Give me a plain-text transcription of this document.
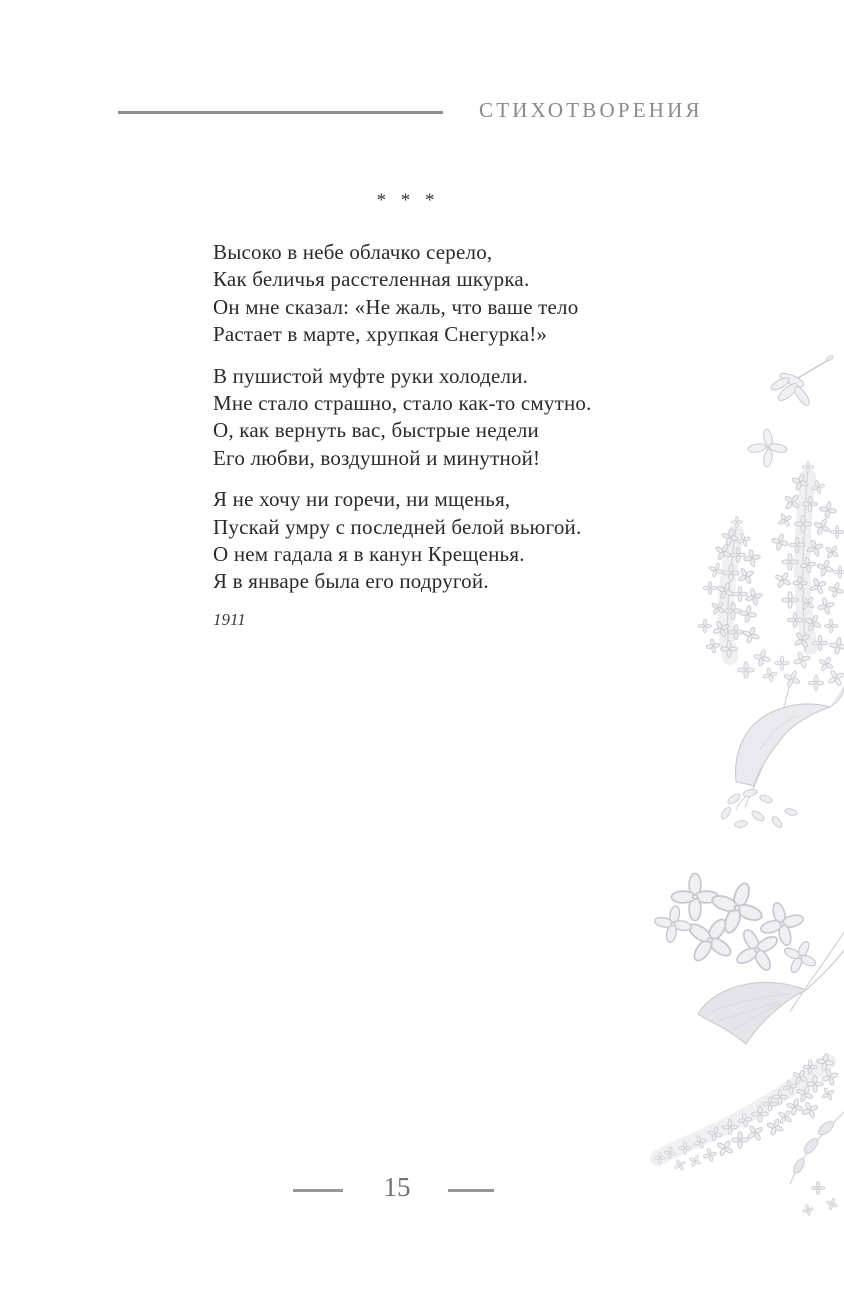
СТИХОТВОРЕНИЯ
* * *
Высоко в небе облачко серело,
Как беличья расстеленная шкурка.
Он мне сказал: «Не жаль, что ваше тело
Растает в марте, хрупкая Снегурка!»
В пушистой муфте руки холодели.
Мне стало страшно, стало как-то смутно.
О, как вернуть вас, быстрые недели
Его любви, воздушной и минутной!
Я не хочу ни горечи, ни мщенья,
Пускай умру с последней белой вьюгой.
О нем гадала я в канун Крещенья.
Я в январе была его подругой.
1911
15
